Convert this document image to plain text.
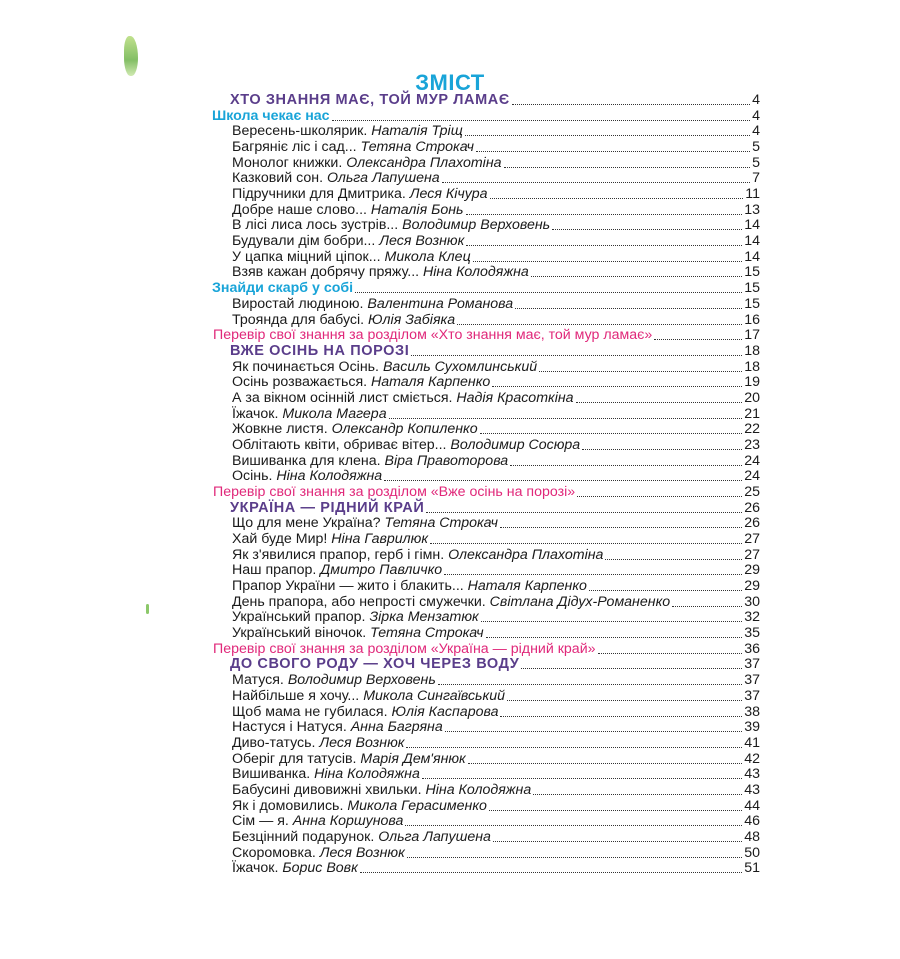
ЗМІСТ
ХТО ЗНАННЯ МАЄ, ТОЙ МУР ЛАМАЄ	4
Школа чекає нас	4
Вересень-школярик. Наталія Тріщ	4
Багряніє ліс і сад... Тетяна Строкач	5
Монолог книжки. Олександра Плахотіна	5
Казковий сон. Ольга Лапушена	7
Підручники для Дмитрика. Леся Кічура	11
Добре наше слово... Наталія Бонь	13
В лісі лиса лось зустрів... Володимир Верховень	14
Будували дім бобри... Леся Вознюк	14
У цапка міцний ціпок... Микола Клец	14
Взяв кажан добрячу пряжу... Ніна Колодяжна	15
Знайди скарб у собі	15
Виростай людиною. Валентина Романова	15
Троянда для бабусі. Юлія Забіяка	16
Перевір свої знання за розділом «Хто знання має, той мур ламає»	17
ВЖЕ ОСІНЬ НА ПОРОЗІ	18
Як починається Осінь. Василь Сухомлинський	18
Осінь розважається. Наталя Карпенко	19
А за вікном осінній лист сміється. Надія Красоткіна	20
Їжачок. Микола Магера	21
Жовкне листя. Олександр Копиленко	22
Облітають квіти, обриває вітер... Володимир Сосюра	23
Вишиванка для клена. Віра Правоторова	24
Осінь. Ніна Колодяжна	24
Перевір свої знання за розділом «Вже осінь на порозі»	25
УКРАЇНА — РІДНИЙ КРАЙ	26
Що для мене Україна? Тетяна Строкач	26
Хай буде Мир! Ніна Гаврилюк	27
Як з'явилися прапор, герб і гімн. Олександра Плахотіна	27
Наш прапор. Дмитро Павличко	29
Прапор України — жито і блакить... Наталя Карпенко	29
День прапора, або непрості смужечки. Світлана Дідух-Романенко	30
Український прапор. Зірка Мензатюк	32
Український віночок. Тетяна Строкач	35
Перевір свої знання за розділом «Україна — рідний край»	36
ДО СВОГО РОДУ — ХОЧ ЧЕРЕЗ ВОДУ	37
Матуся. Володимир Верховень	37
Найбільше я хочу... Микола Сингаївський	37
Щоб мама не губилася. Юлія Каспарова	38
Настуся і Натуся. Анна Багряна	39
Диво-татусь. Леся Вознюк	41
Оберіг для татусів. Марія Дем'янюк	42
Вишиванка. Ніна Колодяжна	43
Бабусині дивовижні хвильки. Ніна Колодяжна	43
Як і домовились. Микола Герасименко	44
Сім — я. Анна Коршунова	46
Безцінний подарунок. Ольга Лапушена	48
Скоромовка. Леся Вознюк	50
Їжачок. Борис Вовк	51
